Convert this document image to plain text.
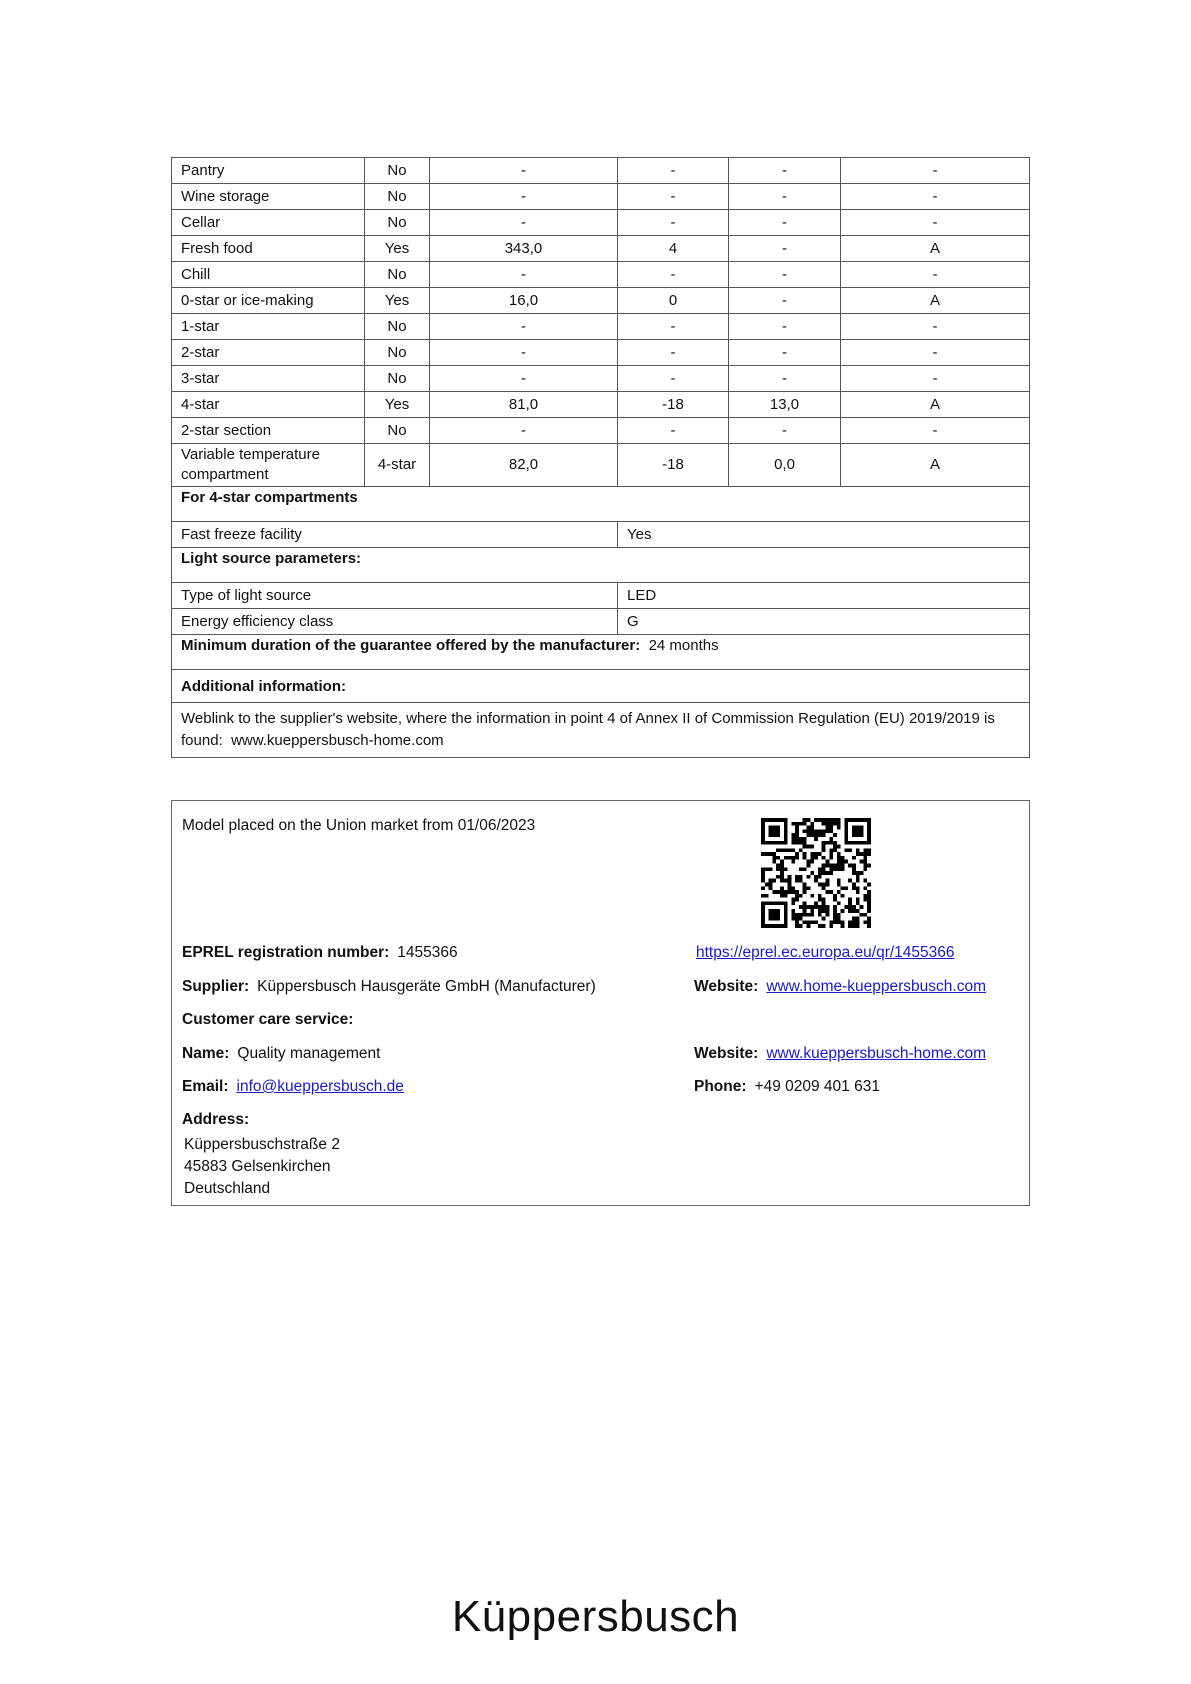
Pantry	No	-	-	-	-
Wine storage	No	-	-	-	-
Cellar	No	-	-	-	-
Fresh food	Yes	343,0	4	-	A
Chill	No	-	-	-	-
0-star or ice-making	Yes	16,0	0	-	A
1-star	No	-	-	-	-
2-star	No	-	-	-	-
3-star	No	-	-	-	-
4-star	Yes	81,0	-18	13,0	A
2-star section	No	-	-	-	-
Variable temperature compartment	4-star	82,0	-18	0,0	A
For 4-star compartments					
Fast freeze facility			Yes		
Light source parameters:					
Type of light source			LED		
Energy efficiency class			G		
Minimum duration of the guarantee offered by the manufacturer: 24 months					
Additional information:					
Weblink to the supplier's website, where the information in point 4 of Annex II of Commission Regulation (EU) 2019/2019 is found: www.kueppersbusch-home.com					
Model placed on the Union market from 01/06/2023
EPREL registration number: 1455366	https://eprel.ec.europa.eu/qr/1455366
Supplier: Küppersbusch Hausgeräte GmbH (Manufacturer)	Website: www.home-kueppersbusch.com
Customer care service:
Name: Quality management	Website: www.kueppersbusch-home.com
Email: info@kueppersbusch.de	Phone: +49 0209 401 631
Address:
Küppersbuschstraße 2
45883 Gelsenkirchen
Deutschland
Küppersbusch
